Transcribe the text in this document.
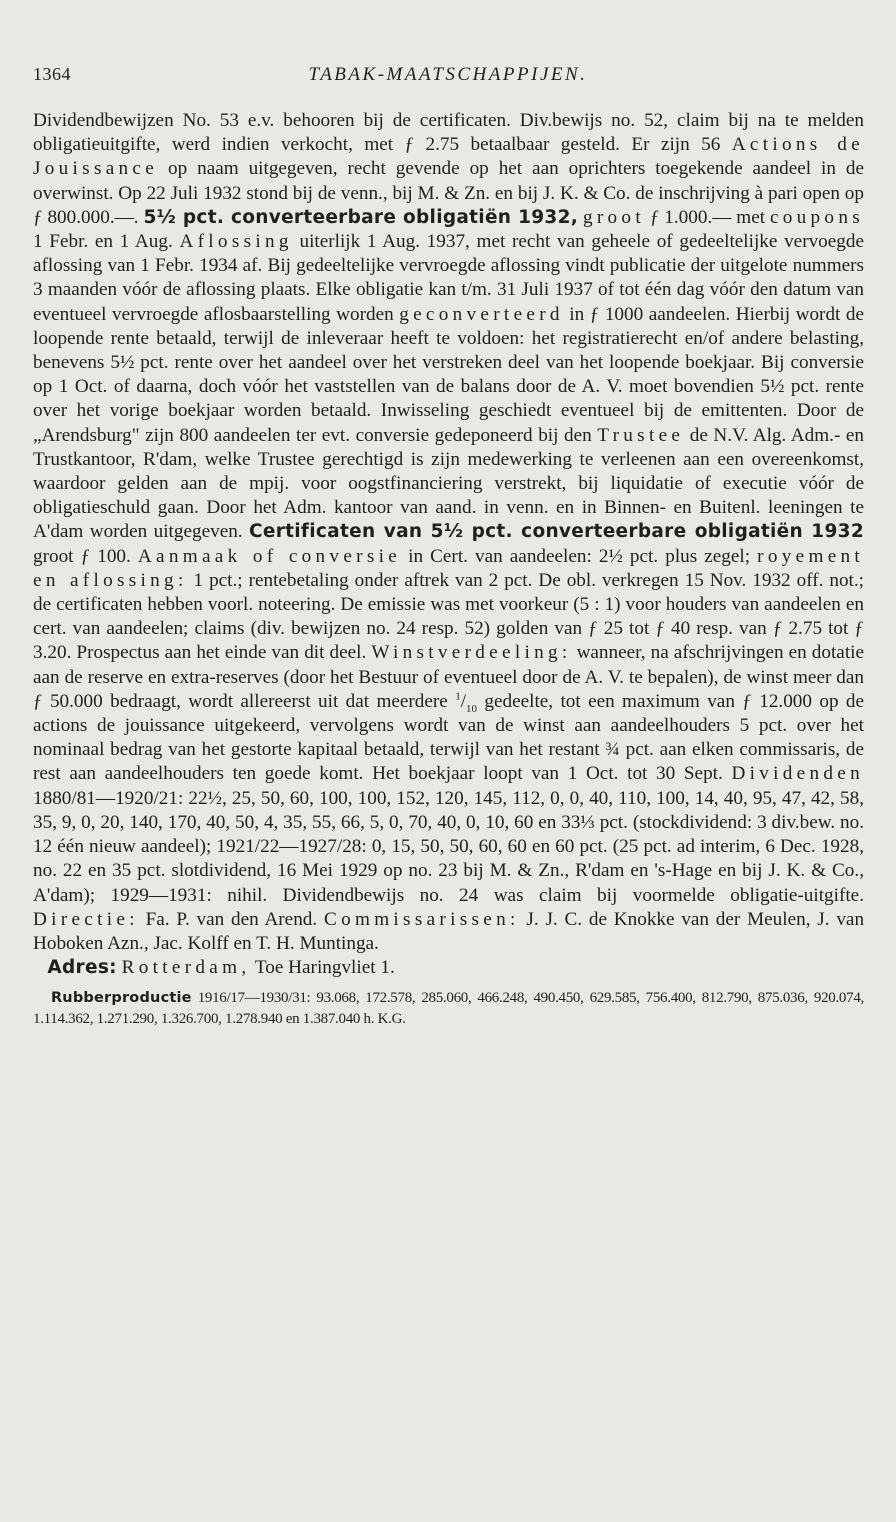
1364	TABAK-MAATSCHAPPIJEN.

Dividendbewijzen No. 53 e.v. behooren bij de certificaten. Div.bewijs no. 52, claim bij na te melden obligatieuitgifte, werd indien verkocht, met ƒ 2.75 betaalbaar gesteld. Er zijn 56 Actions de Jouissance op naam uitgegeven, recht gevende op het aan oprichters toegekende aandeel in de overwinst. Op 22 Juli 1932 stond bij de venn., bij M. & Zn. en bij J. K. & Co. de inschrijving à pari open op ƒ 800.000.—. 5½ pct. converteerbare obligatiën 1932, groot ƒ 1.000.— met coupons 1 Febr. en 1 Aug. Aflossing uiterlijk 1 Aug. 1937, met recht van geheele of gedeeltelijke vervoegde aflossing van 1 Febr. 1934 af. Bij gedeeltelijke vervroegde aflossing vindt publicatie der uitgelote nummers 3 maanden vóór de aflossing plaats. Elke obligatie kan t/m. 31 Juli 1937 of tot één dag vóór den datum van eventueel vervroegde aflosbaarstelling worden geconverteerd in ƒ 1000 aandeelen. Hierbij wordt de loopende rente betaald, terwijl de inleveraar heeft te voldoen: het registratierecht en/of andere belasting, benevens 5½ pct. rente over het aandeel over het verstreken deel van het loopende boekjaar. Bij conversie op 1 Oct. of daarna, doch vóór het vaststellen van de balans door de A. V. moet bovendien 5½ pct. rente over het vorige boekjaar worden betaald. Inwisseling geschiedt eventueel bij de emittenten. Door de „Arendsburg" zijn 800 aandeelen ter evt. conversie gedeponeerd bij den Trustee de N.V. Alg. Adm.- en Trustkantoor, R'dam, welke Trustee gerechtigd is zijn medewerking te verleenen aan een overeenkomst, waardoor gelden aan de mpij. voor oogstfinanciering verstrekt, bij liquidatie of executie vóór de obligatieschuld gaan. Door het Adm. kantoor van aand. in venn. en in Binnen- en Buitenl. leeningen te A'dam worden uitgegeven. Certificaten van 5½ pct. converteerbare obligatiën 1932 groot ƒ 100. Aanmaak of conversie in Cert. van aandeelen: 2½ pct. plus zegel; royement en aflossing: 1 pct.; rentebetaling onder aftrek van 2 pct. De obl. verkregen 15 Nov. 1932 off. not.; de certificaten hebben voorl. noteering. De emissie was met voorkeur (5 : 1) voor houders van aandeelen en cert. van aandeelen; claims (div. bewijzen no. 24 resp. 52) golden van ƒ 25 tot ƒ 40 resp. van ƒ 2.75 tot ƒ 3.20. Prospectus aan het einde van dit deel. Winstverdeeling: wanneer, na afschrijvingen en dotatie aan de reserve en extra-reserves (door het Bestuur of eventueel door de A. V. te bepalen), de winst meer dan ƒ 50.000 bedraagt, wordt allereerst uit dat meerdere $^1/_{10}$ gedeelte, tot een maximum van ƒ 12.000 op de actions de jouissance uitgekeerd, vervolgens wordt van de winst aan aandeelhouders 5 pct. over het nominaal bedrag van het gestorte kapitaal betaald, terwijl van het restant ¾ pct. aan elken commissaris, de rest aan aandeelhouders ten goede komt. Het boekjaar loopt van 1 Oct. tot 30 Sept. Dividenden 1880/81—1920/21: 22½, 25, 50, 60, 100, 100, 152, 120, 145, 112, 0, 0, 40, 110, 100, 14, 40, 95, 47, 42, 58, 35, 9, 0, 20, 140, 170, 40, 50, 4, 35, 55, 66, 5, 0, 70, 40, 0, 10, 60 en 33⅓ pct. (stockdividend: 3 div.bew. no. 12 één nieuw aandeel); 1921/22—1927/28: 0, 15, 50, 50, 60, 60 en 60 pct. (25 pct. ad interim, 6 Dec. 1928, no. 22 en 35 pct. slotdividend, 16 Mei 1929 op no. 23 bij M. & Zn., R'dam en 's-Hage en bij J. K. & Co., A'dam); 1929—1931: nihil. Dividendbewijs no. 24 was claim bij voormelde obligatie-uitgifte. Directie: Fa. P. van den Arend. Commissarissen: J. J. C. de Knokke van der Meulen, J. van Hoboken Azn., Jac. Kolff en T. H. Muntinga.

Adres: Rotterdam, Toe Haringvliet 1.

Rubberproductie 1916/17—1930/31: 93.068, 172.578, 285.060, 466.248, 490.450, 629.585, 756.400, 812.790, 875.036, 920.074, 1.114.362, 1.271.290, 1.326.700, 1.278.940 en 1.387.040 h. K.G.
